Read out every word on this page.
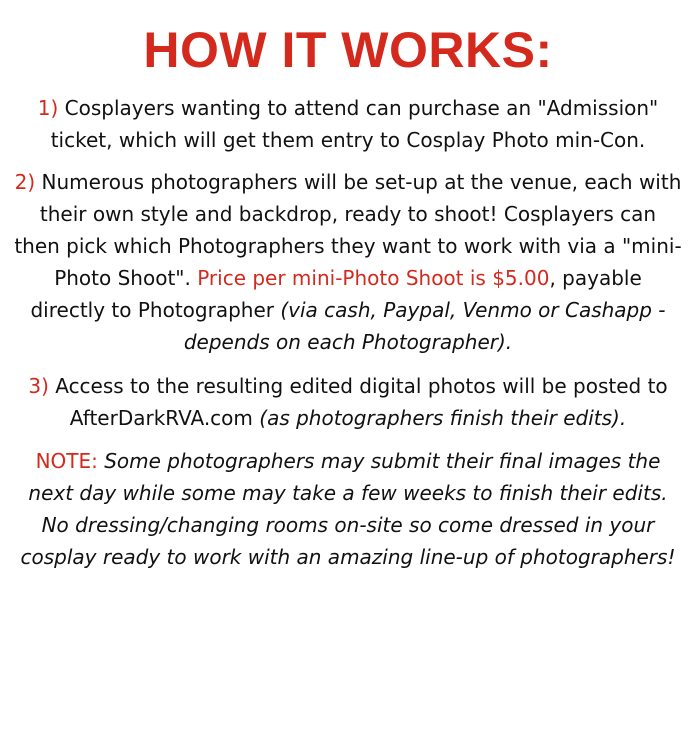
HOW IT WORKS:

1) Cosplayers wanting to attend can purchase an "Admission" ticket, which will get them entry to Cosplay Photo min-Con.

2) Numerous photographers will be set-up at the venue, each with their own style and backdrop, ready to shoot! Cosplayers can then pick which Photographers they want to work with via a "mini-Photo Shoot". Price per mini-Photo Shoot is $5.00, payable directly to Photographer (via cash, Paypal, Venmo or Cashapp - depends on each Photographer).

3) Access to the resulting edited digital photos will be posted to AfterDarkRVA.com (as photographers finish their edits).

NOTE: Some photographers may submit their final images the next day while some may take a few weeks to finish their edits. No dressing/changing rooms on-site so come dressed in your cosplay ready to work with an amazing line-up of photographers!
